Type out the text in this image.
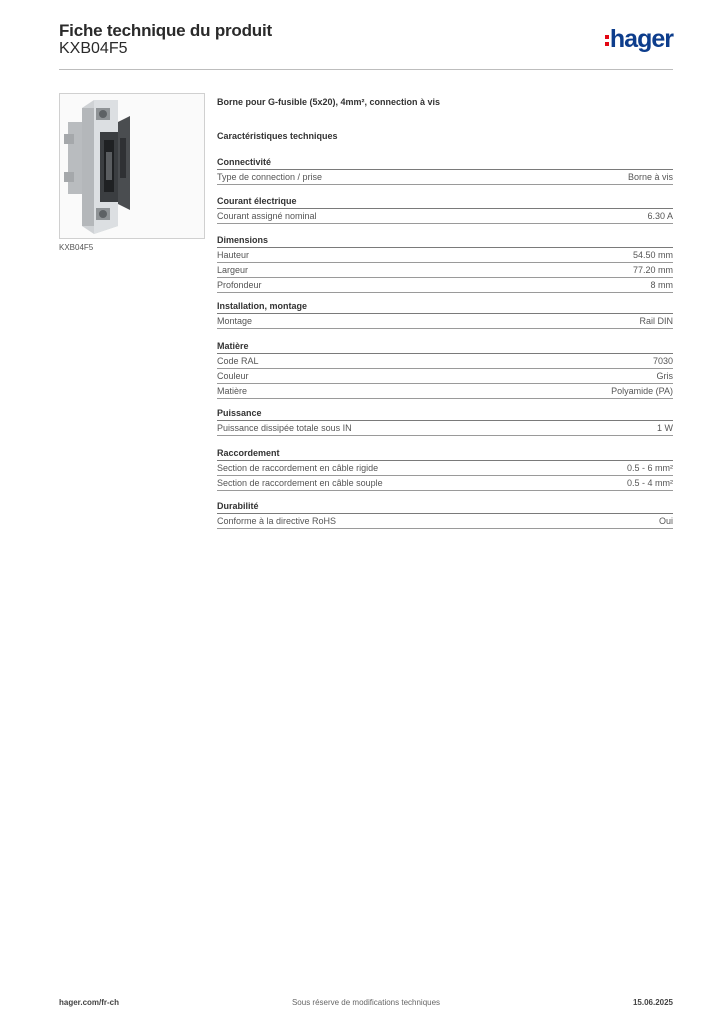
Fiche technique du produit
KXB04F5	hager
KXB04F5
Borne pour G-fusible (5x20), 4mm², connection à vis
Caractéristiques techniques
Connectivité
Type de connection / prise	Borne à vis
Courant électrique
Courant assigné nominal	6.30 A
Dimensions
Hauteur	54.50 mm
Largeur	77.20 mm
Profondeur	8 mm
Installation, montage
Montage	Rail DIN
Matière
Code RAL	7030
Couleur	Gris
Matière	Polyamide (PA)
Puissance
Puissance dissipée totale sous IN	1 W
Raccordement
Section de raccordement en câble rigide	0.5 - 6 mm²
Section de raccordement en câble souple	0.5 - 4 mm²
Durabilité
Conforme à la directive RoHS	Oui
hager.com/fr-ch	Sous réserve de modifications techniques	15.06.2025
